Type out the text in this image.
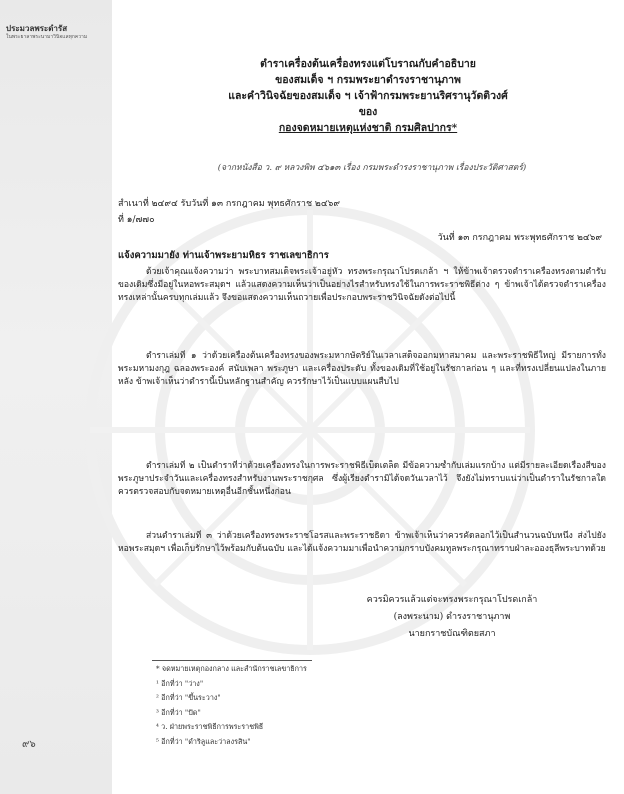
ประมวลพระดำรัส
ในพระยาลาพระนามาวินิจแลทุกความ
๙๖
ตำราเครื่องต้นเครื่องทรงแต่โบราณกับคำอธิบาย
ของสมเด็จ ฯ กรมพระยาดำรงราชานุภาพ
และคำวินิจฉัยของสมเด็จ ฯ เจ้าฟ้ากรมพระยานริศรานุวัดติวงศ์
ของ
กองจดหมายเหตุแห่งชาติ กรมศิลปากร*
(จากหนังสือ ว. ๙ หลวงพิพ ๔๖๑๓ เรื่อง กรมพระดำรงราชานุภาพ เรื่องประวัติศาสตร์)
สำเนาที่ ๒๔๙๔ รับวันที่ ๑๓ กรกฎาคม พุทธศักราช ๒๔๖๙
ที่ ๑/๗๗๐
วันที่ ๑๓ กรกฎาคม พระพุทธศักราช ๒๔๖๙
แจ้งความมายัง ท่านเจ้าพระยามหิธร ราชเลขาธิการ

ด้วยเจ้าคุณแจ้งความว่า พระบาทสมเด็จพระเจ้าอยู่หัว ทรงพระกรุณาโปรดเกล้า ฯ ให้ข้าพเจ้าตรวจตำราเครื่องทรงตามตำรับของเดิมซึ่งมีอยู่ในหอพระสมุดฯ แล้วแสดงความเห็นว่าเป็นอย่างไรสำหรับทรงใช้ในการพระราชพิธีต่าง ๆ ข้าพเจ้าได้ตรวจตำราเครื่องทรงเหล่านั้นครบทุกเล่มแล้ว จึงขอแสดงความเห็นถวายเพื่อประกอบพระราชวินิจฉัยดังต่อไปนี้

ตำราเล่มที่ ๑ ว่าด้วยเครื่องต้นเครื่องทรงของพระมหากษัตริย์ในเวลาเสด็จออกมหาสมาคม และพระราชพิธีใหญ่ มีรายการทั้งพระมหามงกุฎ ฉลองพระองค์ สนับเพลา พระภูษา และเครื่องประดับ ทั้งของเดิมที่ใช้อยู่ในรัชกาลก่อน ๆ และที่ทรงเปลี่ยนแปลงในภายหลัง ข้าพเจ้าเห็นว่าตำรานี้เป็นหลักฐานสำคัญ ควรรักษาไว้เป็นแบบแผนสืบไป

ตำราเล่มที่ ๒ เป็นตำราที่ว่าด้วยเครื่องทรงในการพระราชพิธีเบ็ดเตล็ด มีข้อความซ้ำกับเล่มแรกบ้าง แต่มีรายละเอียดเรื่องสีของพระภูษาประจำวันและเครื่องทรงสำหรับงานพระราชกุศล ซึ่งผู้เรียงตำรามิได้จดวันเวลาไว้ จึงยังไม่ทราบแน่ว่าเป็นตำราในรัชกาลใด ควรตรวจสอบกับจดหมายเหตุอื่นอีกชั้นหนึ่งก่อน

ส่วนตำราเล่มที่ ๓ ว่าด้วยเครื่องทรงพระราชโอรสและพระราชธิดา ข้าพเจ้าเห็นว่าควรคัดลอกไว้เป็นสำนวนฉบับหนึ่ง ส่งไปยังหอพระสมุดฯ เพื่อเก็บรักษาไว้พร้อมกับต้นฉบับ และได้แจ้งความมาเพื่อนำความกราบบังคมทูลพระกรุณาทราบฝ่าละอองธุลีพระบาทด้วย

ควรมิควรแล้วแต่จะทรงพระกรุณาโปรดเกล้า
(ลงพระนาม) ดำรงราชานุภาพ
นายกราชบัณฑิตยสภา
* จดหมายเหตุกองกลาง และสำนักราชเลขาธิการ
¹ อีกที่ว่า "ว่าง"
² อีกที่ว่า "ขึ้นระวาง"
³ อีกที่ว่า "ปัด"
⁴ ว. ฝ่ายพระราชพิธีการพระราชพิธี
⁵ อีกที่ว่า "ดำริลูและว่าลงรสิน"
